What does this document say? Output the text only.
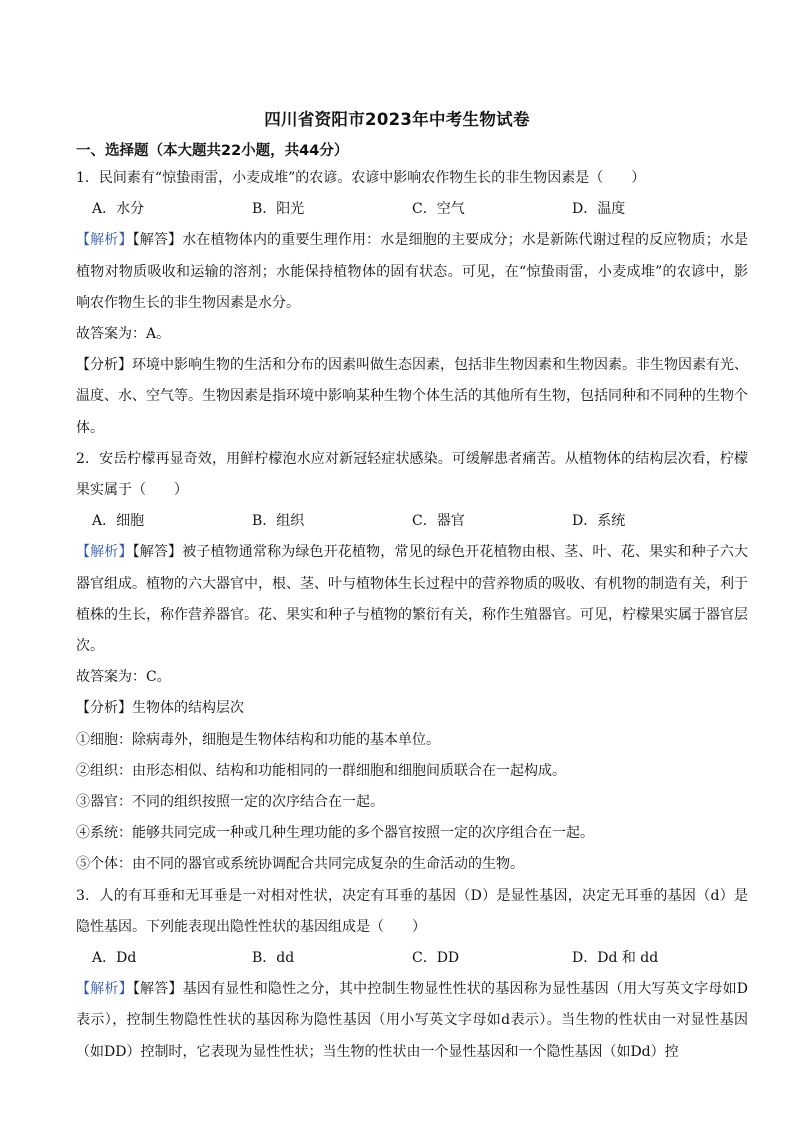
四川省资阳市2023年中考生物试卷
一、选择题（本大题共22小题，共44分）

1．民间素有“惊蛰雨雷，小麦成堆”的农谚。农谚中影响农作物生长的非生物因素是（　　）

A．水分	B．阳光	C．空气	D．温度

【解析】【解答】水在植物体内的重要生理作用：水是细胞的主要成分；水是新陈代谢过程的反应物质；水是植物对物质吸收和运输的溶剂；水能保持植物体的固有状态。可见，在“惊蛰雨雷，小麦成堆”的农谚中，影响农作物生长的非生物因素是水分。

故答案为：A。

【分析】环境中影响生物的生活和分布的因素叫做生态因素，包括非生物因素和生物因素。非生物因素有光、温度、水、空气等。生物因素是指环境中影响某种生物个体生活的其他所有生物，包括同种和不同种的生物个体。

2．安岳柠檬再显奇效，用鲜柠檬泡水应对新冠轻症状感染。可缓解患者痛苦。从植物体的结构层次看，柠檬果实属于（　　）

A．细胞	B．组织	C．器官	D．系统

【解析】【解答】被子植物通常称为绿色开花植物，常见的绿色开花植物由根、茎、叶、花、果实和种子六大器官组成。植物的六大器官中，根、茎、叶与植物体生长过程中的营养物质的吸收、有机物的制造有关，利于植株的生长，称作营养器官。花、果实和种子与植物的繁衍有关，称作生殖器官。可见，柠檬果实属于器官层次。

故答案为：C。

【分析】生物体的结构层次

①细胞：除病毒外，细胞是生物体结构和功能的基本单位。

②组织：由形态相似、结构和功能相同的一群细胞和细胞间质联合在一起构成。

③器官：不同的组织按照一定的次序结合在一起。

④系统：能够共同完成一种或几种生理功能的多个器官按照一定的次序组合在一起。

⑤个体：由不同的器官或系统协调配合共同完成复杂的生命活动的生物。

3．人的有耳垂和无耳垂是一对相对性状，决定有耳垂的基因（D）是显性基因，决定无耳垂的基因（d）是隐性基因。下列能表现出隐性性状的基因组成是（　　）

A．Dd	B．dd	C．DD	D．Dd 和 dd

【解析】【解答】基因有显性和隐性之分，其中控制生物显性性状的基因称为显性基因（用大写英文字母如D表示），控制生物隐性性状的基因称为隐性基因（用小写英文字母如d表示）。当生物的性状由一对显性基因（如DD）控制时，它表现为显性性状；当生物的性状由一个显性基因和一个隐性基因（如Dd）控
